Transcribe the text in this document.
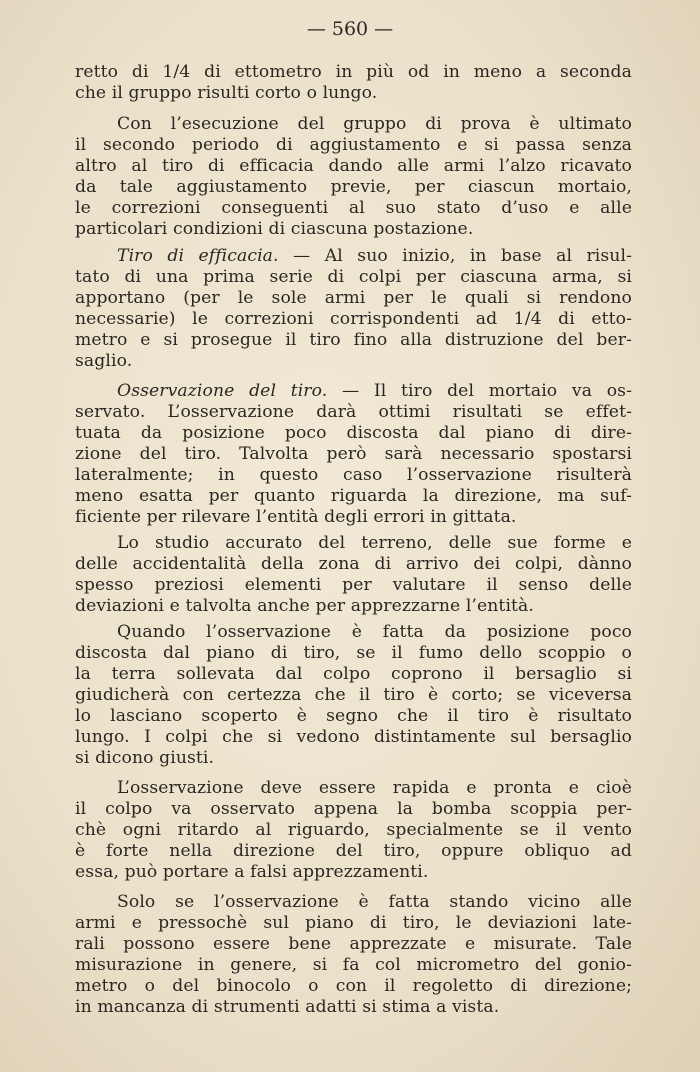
— 560 —
retto di 1/4 di ettometro in più od in meno a seconda
che il gruppo risulti corto o lungo.
Con l’esecuzione del gruppo di prova è ultimato
il secondo periodo di aggiustamento e si passa senza
altro al tiro di efficacia dando alle armi l’alzo ricavato
da tale aggiustamento previe, per ciascun mortaio,
le correzioni conseguenti al suo stato d’uso e alle
particolari condizioni di ciascuna postazione.
Tiro di efficacia. — Al suo inizio, in base al risul-
tato di una prima serie di colpi per ciascuna arma, si
apportano (per le sole armi per le quali si rendono
necessarie) le correzioni corrispondenti ad 1/4 di etto-
metro e si prosegue il tiro fino alla distruzione del ber-
saglio.
Osservazione del tiro. — Il tiro del mortaio va os-
servato. L’osservazione darà ottimi risultati se effet-
tuata da posizione poco discosta dal piano di dire-
zione del tiro. Talvolta però sarà necessario spostarsi
lateralmente; in questo caso l’osservazione risulterà
meno esatta per quanto riguarda la direzione, ma suf-
ficiente per rilevare l’entità degli errori in gittata.
Lo studio accurato del terreno, delle sue forme e
delle accidentalità della zona di arrivo dei colpi, dànno
spesso preziosi elementi per valutare il senso delle
deviazioni e talvolta anche per apprezzarne l’entità.
Quando l’osservazione è fatta da posizione poco
discosta dal piano di tiro, se il fumo dello scoppio o
la terra sollevata dal colpo coprono il bersaglio si
giudicherà con certezza che il tiro è corto; se viceversa
lo lasciano scoperto è segno che il tiro è risultato
lungo. I colpi che si vedono distintamente sul bersaglio
si dicono giusti.
L’osservazione deve essere rapida e pronta e cioè
il colpo va osservato appena la bomba scoppia per-
chè ogni ritardo al riguardo, specialmente se il vento
è forte nella direzione del tiro, oppure obliquo ad
essa, può portare a falsi apprezzamenti.
Solo se l’osservazione è fatta stando vicino alle
armi e pressochè sul piano di tiro, le deviazioni late-
rali possono essere bene apprezzate e misurate. Tale
misurazione in genere, si fa col micrometro del gonio-
metro o del binocolo o con il regoletto di direzione;
in mancanza di strumenti adatti si stima a vista.
